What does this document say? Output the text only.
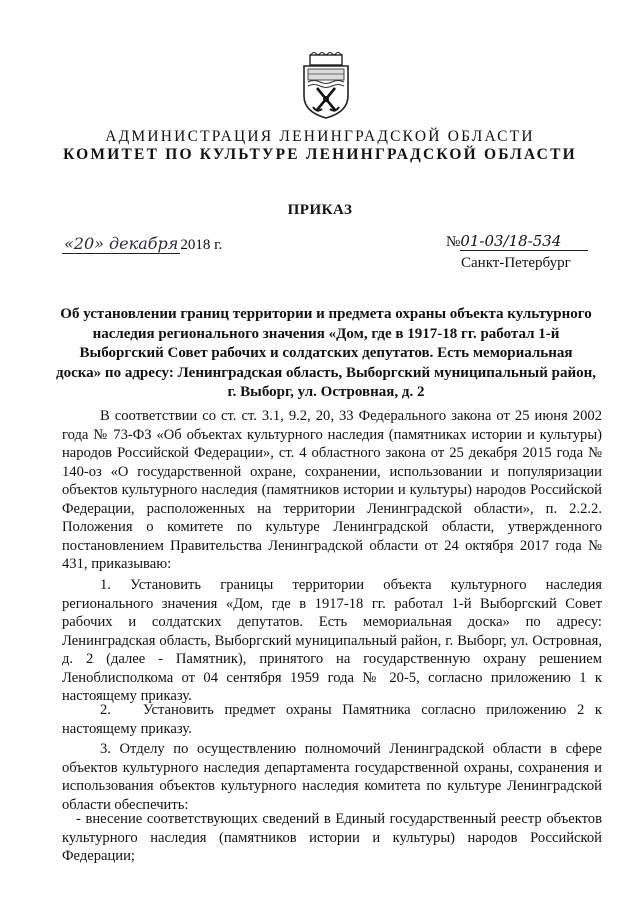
АДМИНИСТРАЦИЯ ЛЕНИНГРАДСКОЙ ОБЛАСТИ
КОМИТЕТ ПО КУЛЬТУРЕ ЛЕНИНГРАДСКОЙ ОБЛАСТИ
ПРИКАЗ
«20» декабря 2018 г.	№01-03/18-534
Санкт-Петербург
Об установлении границ территории и предмета охраны объекта культурного наследия регионального значения «Дом, где в 1917-18 гг. работал 1-й Выборгский Совет рабочих и солдатских депутатов. Есть мемориальная доска» по адресу: Ленинградская область, Выборгский муниципальный район, г. Выборг, ул. Островная, д. 2

В соответствии со ст. ст. 3.1, 9.2, 20, 33 Федерального закона от 25 июня 2002 года № 73-ФЗ «Об объектах культурного наследия (памятниках истории и культуры) народов Российской Федерации», ст. 4 областного закона от 25 декабря 2015 года № 140-оз «О государственной охране, сохранении, использовании и популяризации объектов культурного наследия (памятников истории и культуры) народов Российской Федерации, расположенных на территории Ленинградской области», п. 2.2.2. Положения о комитете по культуре Ленинградской области, утвержденного постановлением Правительства Ленинградской области от 24 октября 2017 года № 431, приказываю:

1. Установить границы территории объекта культурного наследия регионального значения «Дом, где в 1917-18 гг. работал 1-й Выборгский Совет рабочих и солдатских депутатов. Есть мемориальная доска» по адресу: Ленинградская область, Выборгский муниципальный район, г. Выборг, ул. Островная, д. 2 (далее - Памятник), принятого на государственную охрану решением Леноблисполкома от 04 сентября 1959 года № 20-5, согласно приложению 1 к настоящему приказу.

2.   Установить предмет охраны Памятника согласно приложению 2 к настоящему приказу.

3. Отделу по осуществлению полномочий Ленинградской области в сфере объектов культурного наследия департамента государственной охраны, сохранения и использования объектов культурного наследия комитета по культуре Ленинградской области обеспечить:

- внесение соответствующих сведений в Единый государственный реестр объектов культурного наследия (памятников истории и культуры) народов Российской Федерации;
